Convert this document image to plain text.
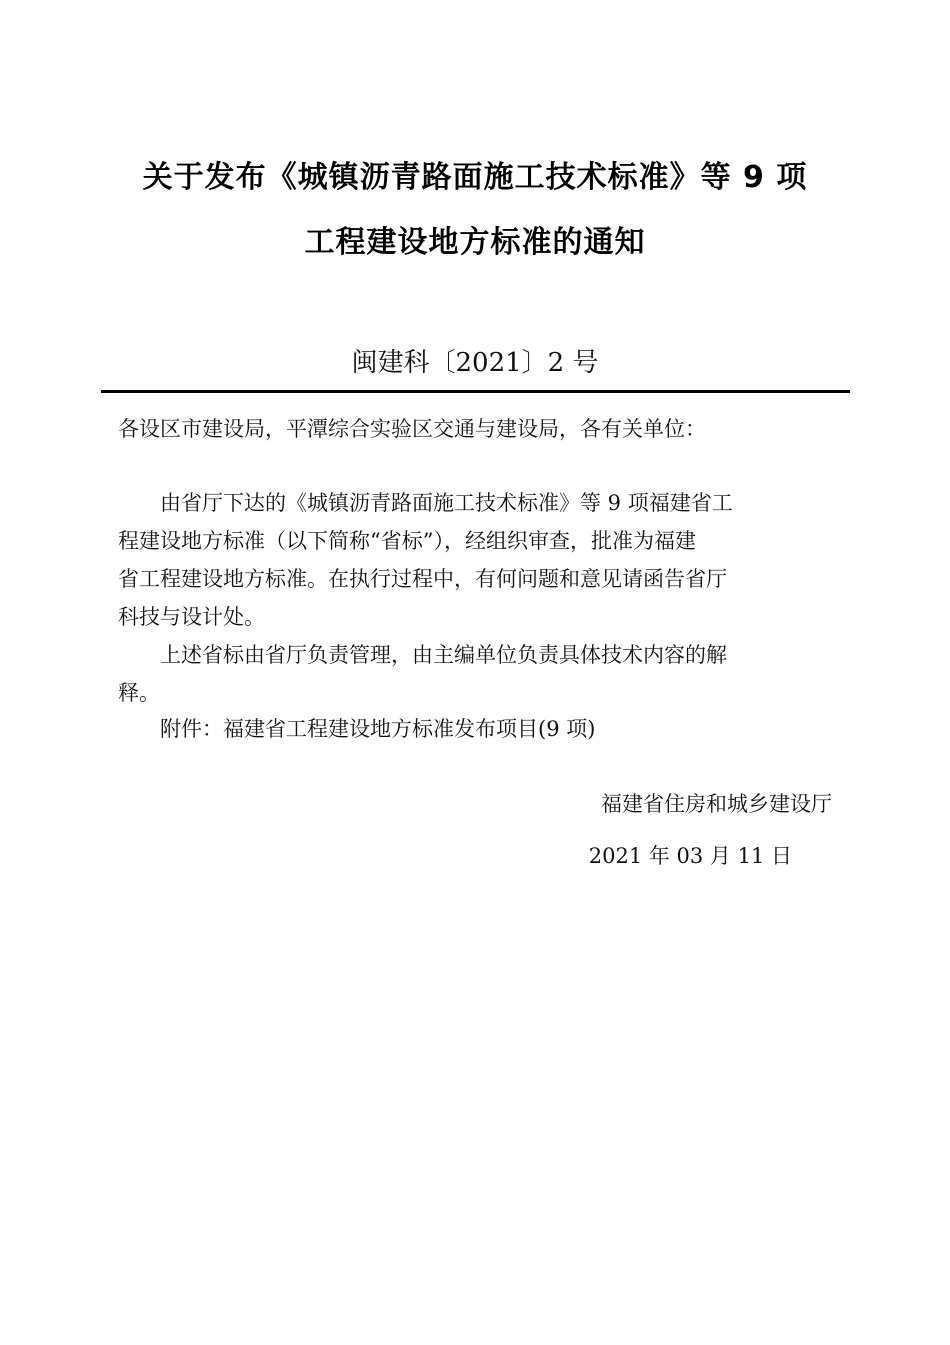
关于发布《城镇沥青路面施工技术标准》等 9 项
工程建设地方标准的通知
闽建科〔2021〕2 号
各设区市建设局，平潭综合实验区交通与建设局，各有关单位：
由省厅下达的《城镇沥青路面施工技术标准》等 9 项福建省工
程建设地方标准（以下简称“省标”），经组织审查，批准为福建
省工程建设地方标准。在执行过程中，有何问题和意见请函告省厅
科技与设计处。
上述省标由省厅负责管理，由主编单位负责具体技术内容的解
释。
附件：福建省工程建设地方标准发布项目(9 项)
福建省住房和城乡建设厅
2021 年 03 月 11 日
